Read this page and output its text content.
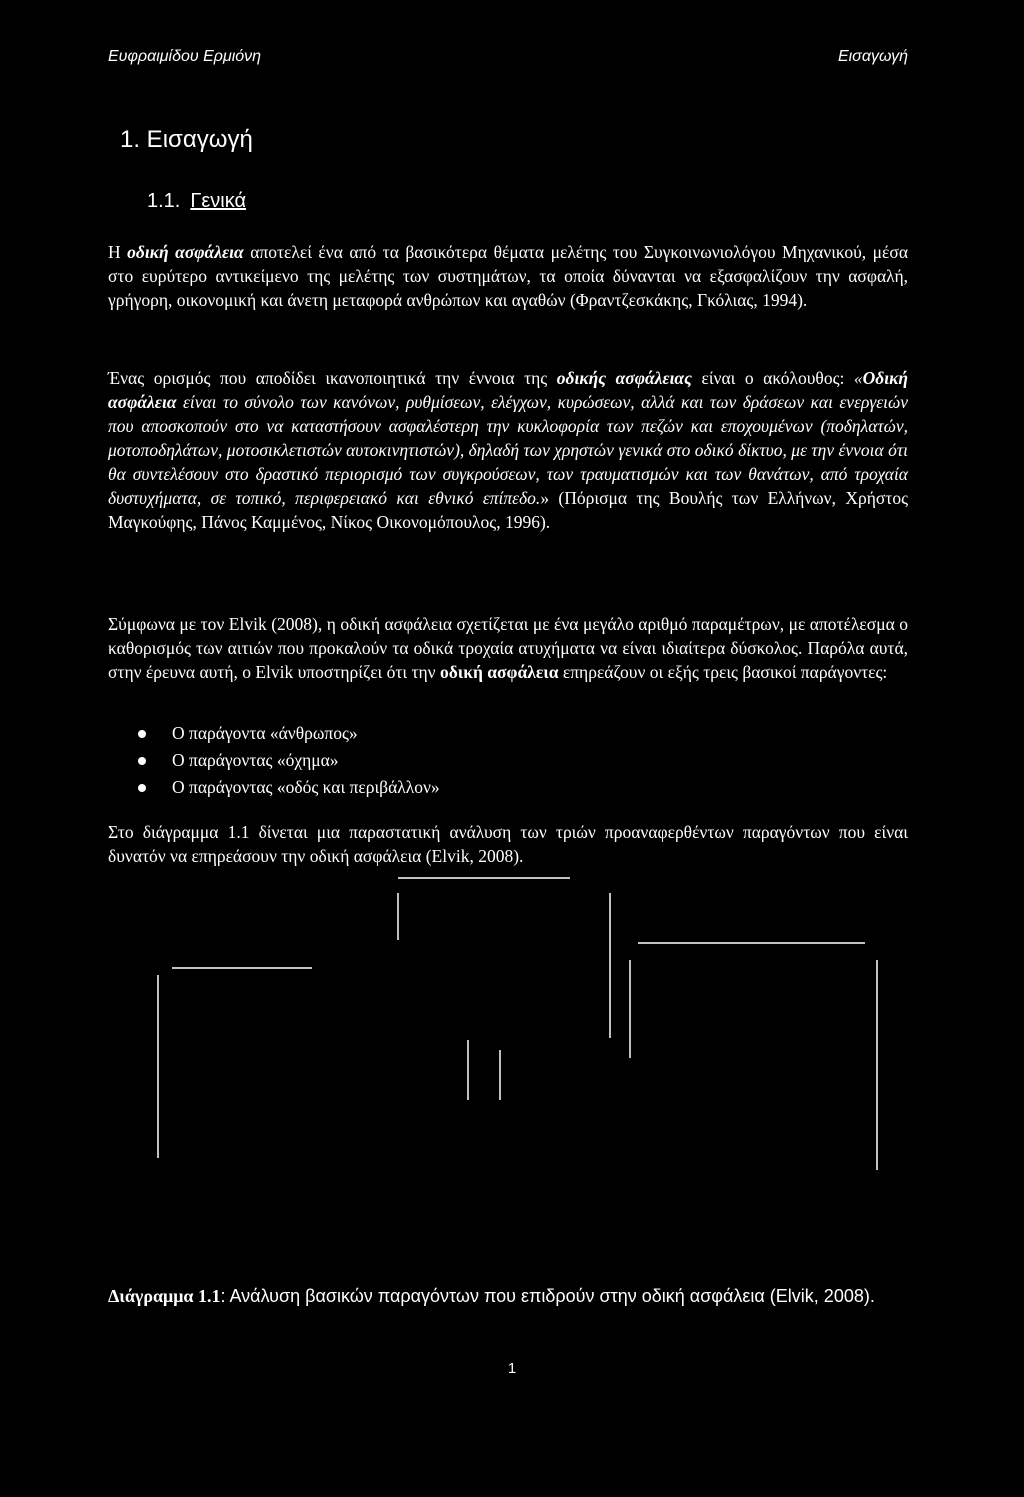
Ευφραιμίδου Ερμιόνη	Εισαγωγή
1. Εισαγωγή
1.1. Γενικά
Η οδική ασφάλεια αποτελεί ένα από τα βασικότερα θέματα μελέτης του Συγκοινωνιολόγου Μηχανικού, μέσα στο ευρύτερο αντικείμενο της μελέτης των συστημάτων, τα οποία δύνανται να εξασφαλίζουν την ασφαλή, γρήγορη, οικονομική και άνετη μεταφορά ανθρώπων και αγαθών (Φραντζεσκάκης, Γκόλιας, 1994).
Ένας ορισμός που αποδίδει ικανοποιητικά την έννοια της οδικής ασφάλειας είναι ο ακόλουθος: «Οδική ασφάλεια είναι το σύνολο των κανόνων, ρυθμίσεων, ελέγχων, κυρώσεων, αλλά και των δράσεων και ενεργειών που αποσκοπούν στο να καταστήσουν ασφαλέστερη την κυκλοφορία των πεζών και εποχουμένων (ποδηλατών, μοτοποδηλάτων, μοτοσικλετιστών αυτοκινητιστών), δηλαδή των χρηστών γενικά στο οδικό δίκτυο, με την έννοια ότι θα συντελέσουν στο δραστικό περιορισμό των συγκρούσεων, των τραυματισμών και των θανάτων, από τροχαία δυστυχήματα, σε τοπικό, περιφερειακό και εθνικό επίπεδο.» (Πόρισμα της Βουλής των Ελλήνων, Χρήστος Μαγκούφης, Πάνος Καμμένος, Νίκος Οικονομόπουλος, 1996).
Σύμφωνα με τον Elvik (2008), η οδική ασφάλεια σχετίζεται με ένα μεγάλο αριθμό παραμέτρων, με αποτέλεσμα ο καθορισμός των αιτιών που προκαλούν τα οδικά τροχαία ατυχήματα να είναι ιδιαίτερα δύσκολος. Παρόλα αυτά, στην έρευνα αυτή, ο Elvik υποστηρίζει ότι την οδική ασφάλεια επηρεάζουν οι εξής τρεις βασικοί παράγοντες:
Ο παράγοντα «άνθρωπος»
Ο παράγοντας «όχημα»
Ο παράγοντας «οδός και περιβάλλον»
Στο διάγραμμα 1.1 δίνεται μια παραστατική ανάλυση των τριών προαναφερθέντων παραγόντων που είναι δυνατόν να επηρεάσουν την οδική ασφάλεια (Elvik, 2008).
Διάγραμμα 1.1: Ανάλυση βασικών παραγόντων που επιδρούν στην οδική ασφάλεια (Elvik, 2008).
1
